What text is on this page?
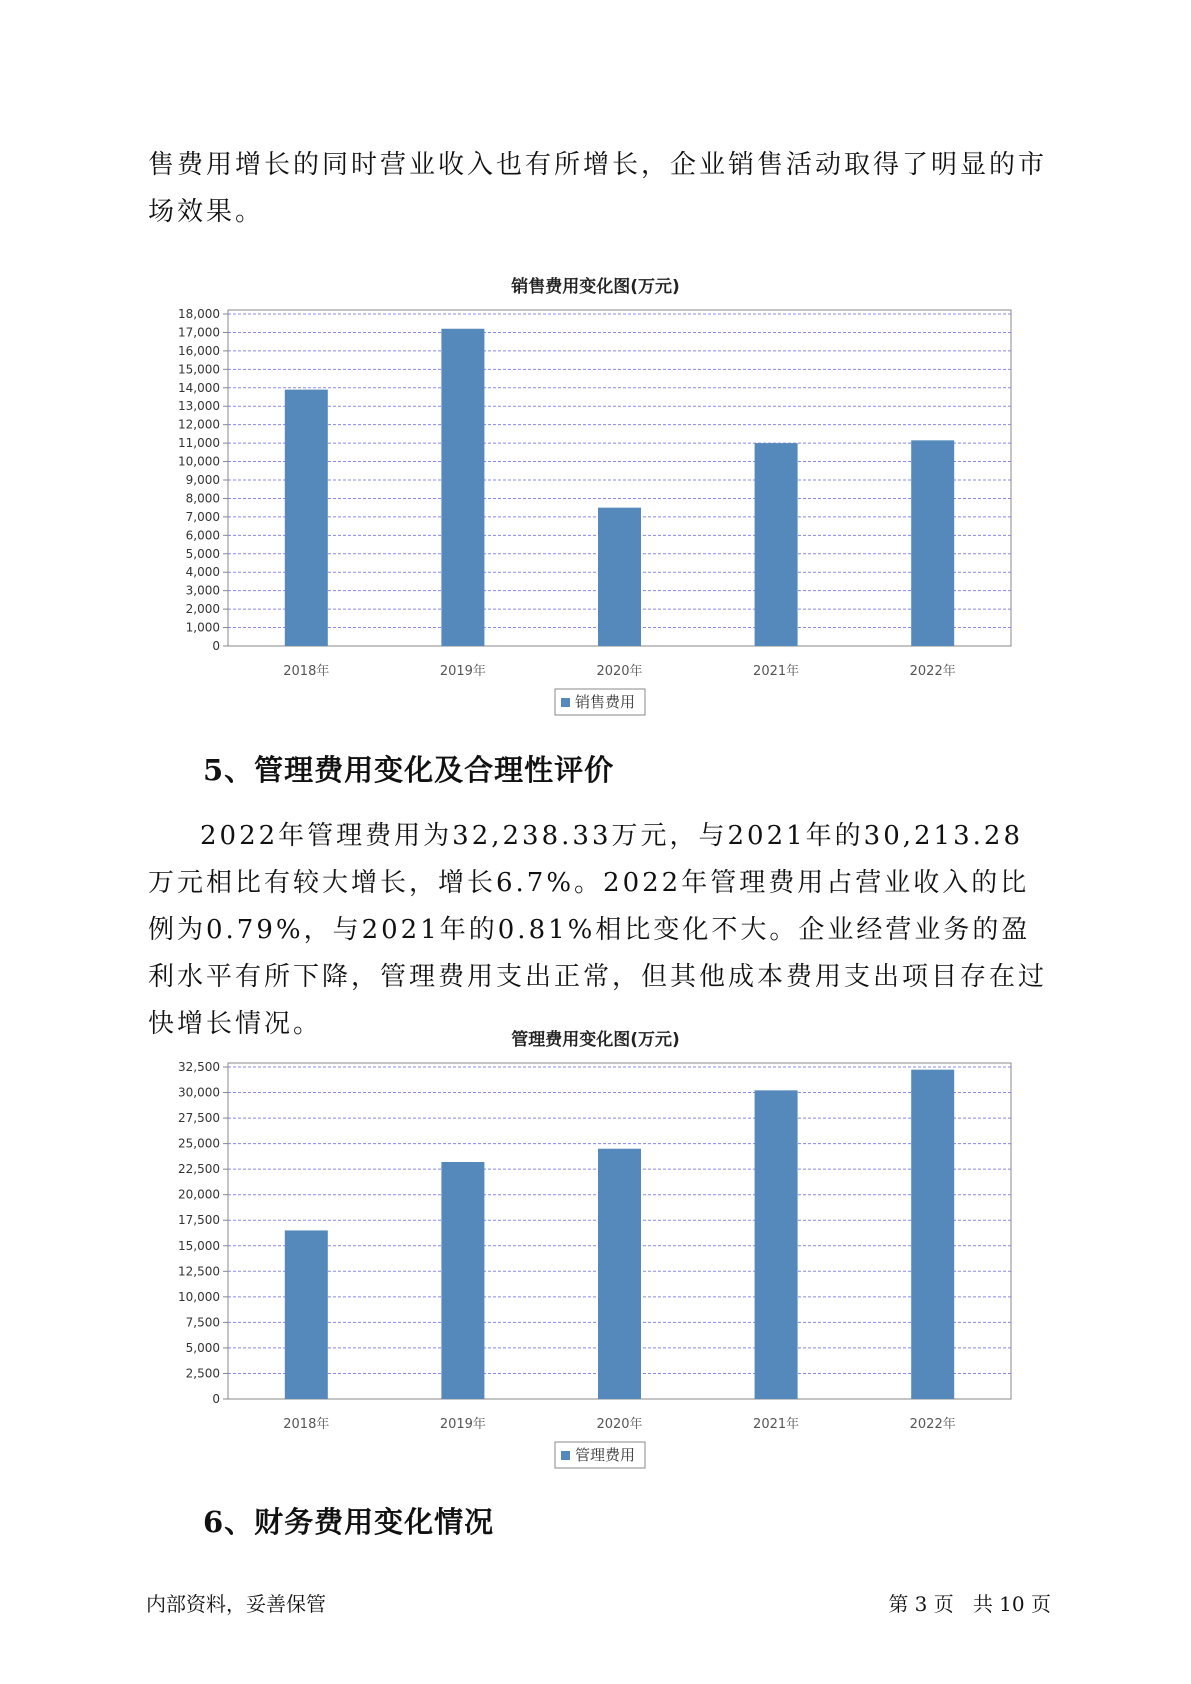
售费用增长的同时营业收入也有所增长，企业销售活动取得了明显的市场效果。

销售费用变化图(万元)
0
1,000
2,000
3,000
4,000
5,000
6,000
7,000
8,000
9,000
10,000
11,000
12,000
13,000
14,000
15,000
16,000
17,000
18,000
2018年	2019年	2020年	2021年	2022年
销售费用
5、管理费用变化及合理性评价

2022年管理费用为32,238.33万元，与2021年的30,213.28万元相比有较大增长，增长6.7%。2022年管理费用占营业收入的比例为0.79%，与2021年的0.81%相比变化不大。企业经营业务的盈利水平有所下降，管理费用支出正常，但其他成本费用支出项目存在过快增长情况。

管理费用变化图(万元)
0
2,500
5,000
7,500
10,000
12,500
15,000
17,500
20,000
22,500
25,000
27,500
30,000
32,500
2018年	2019年	2020年	2021年	2022年
管理费用
6、财务费用变化情况
内部资料，妥善保管	第 3 页   共 10 页
